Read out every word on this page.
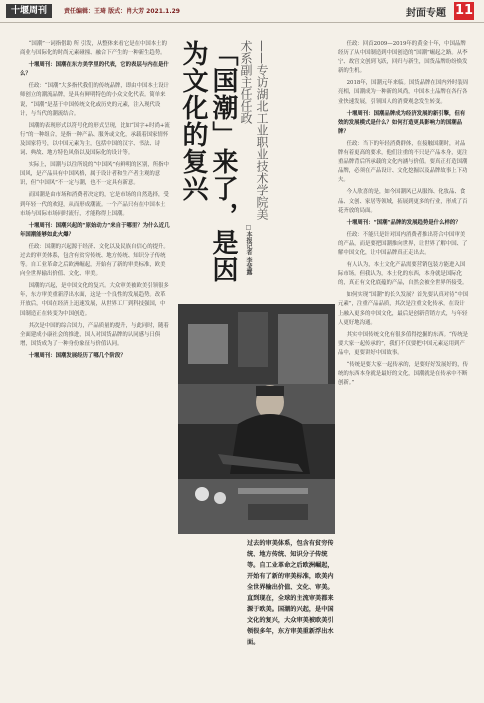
十堰周刊	责任编辑：王琦 版式：肖大芳 2021.1.29	封面专题 11

“国潮”一词指借助 所 引发，从整体来看它是在中国本土的商业与国际化的时尚元素碰撞、融合下产生的一种新生趋势。

十堰周刊：国潮在东方美学里的代表，它的表层与内在是什么？

任政：“国潮”大多指代我们的传统品牌，即由中国本土设计师创立的潮流品牌，是具有鲜明特色的小众文化代表。简单来说，“国潮”是基于中国传统文化或历史的元素，注入现代设计，与当代的潮流结合。

国潮的表现形式以符号化的形式呈现，比如“国字+时尚+流行”的一种组合，是指一种产品、服务或文化，承载着国家情怀及国家符号，以中国元素为主，包括中国的汉字、书法、诗词、典故、地方特色风俗以及国际化的设计等。

实际上，国潮与以往所说的“中国风”有鲜明的区别，所指中国风，是产品具有中国风格，属于设计者和生产者主观的意识，但“中国风”不一定与潮，也不一定具有新意。

而国潮是由市场和消费者决定的，它是市场的自然选择，受到年轻一代的欢迎，从而形成潮流。一个产品只有在中国本土市场与国际市场同时流行，才能称得上国潮。

十堰周刊：国潮兴起的“原始动力”来自于哪里？为什么近几年国潮能够如此火爆？

任政：国潮的兴起源于经济、文化以及民族自信心的提升。过去的审美体系，包含有贫穷传统、地方传统、知识分子传统等。自工业革命之后欧洲崛起，开始有了新的审美标准，欧美向全世界输出价值、文化、审美。

国潮的兴起，是中国文化的复兴。大众审美被欧美引领很多年，东方审美重新浮出水面，这是一个良性的发展趋势。改革开放后，中国在经济上迅速发展，从世界工厂到科技强国，中国制造正在转变为中国创造。

其次是中国的综合国力，产品质量的提升，与此同时，随着全面建成小康社会的推进，国人对国货品牌的认同感与日俱增，国货成为了一种身份象征与价值认同。

十堰周刊：国潮发展经历了哪几个阶段？

「国潮」来了，是因为文化的复兴	——专访湖北工业职业技术学院美术系副主任任政
□本报记者 李莹露
过去的审美体系，包含有贫穷传统、地方传统、知识分子传统等。自工业革命之后欧洲崛起，开始有了新的审美标准，欧美内全世界输出价值、文化、审美。直到现在，全球的主流审美都来源于欧美。国潮的兴起，是中国文化的复兴，大众审美被欧美引领很多年，东方审美重新浮出水面。

任政：回首2009—2019年的黄金十年，中国品牌经历了从中国制造到中国创造的“国潮”崛起之路。从李宁、故宫文创到飞跃，回归与新生，国货品牌纷纷焕发新的生机。

2018年，国潮元年来临。国货品牌在国内外时装周亮相，国潮成为一种新的风尚，中国本土品牌在各行各业快速发展，引领国人的消费观念发生转变。

十堰周刊：国潮品牌成为经济发展的新引擎，但有效的发展模式是什么？如何打造更具影响力的国潮品牌？

任政：当下的年轻消费群体，在接触国潮时，对品牌有着更高的要求，他们注重的不只是产品本身，更注重品牌背后所承载的文化内涵与价值。要真正打造国潮品牌，必须在产品设计、文化挖掘以及品牌故事上下功夫。

今人欣喜的是，如今国潮风已从服饰、化妆品、食品、文创、家居等领域，拓展到更多的行业，形成了百花齐放的局面。

十堰周刊：“国潮”品牌的发展趋势是什么样的？

任政：不能只是针对国内消费者推出符合中国审美的产品，而是要把国潮推向世界，让世界了解中国、了解中国文化，让中国品牌真正走出去。

有人认为，本土文化产品需要营销包装方能进入国际市场。但我认为，本土化的东西，本身就是国际化的，真正有文化底蕴的产品，自然会被全世界所接受。

如何实现“国潮”的长久发展？首先要认真对待“中国元素”，注重产品品质，其次是注重文化传承，在设计上融入更多的中国文化，最后是创新营销方式，与年轻人更好地沟通。

其实中国传统文化有很多值得挖掘的东西。“传统是要大家一起传承的”，我们不仅要把中国元素运用到产品中，更要讲好中国故事。

“传统是要大家一起传承的，是要好好发展好的，传统的东西本身就是最好的文化，国潮就是在传承中不断创新。”
